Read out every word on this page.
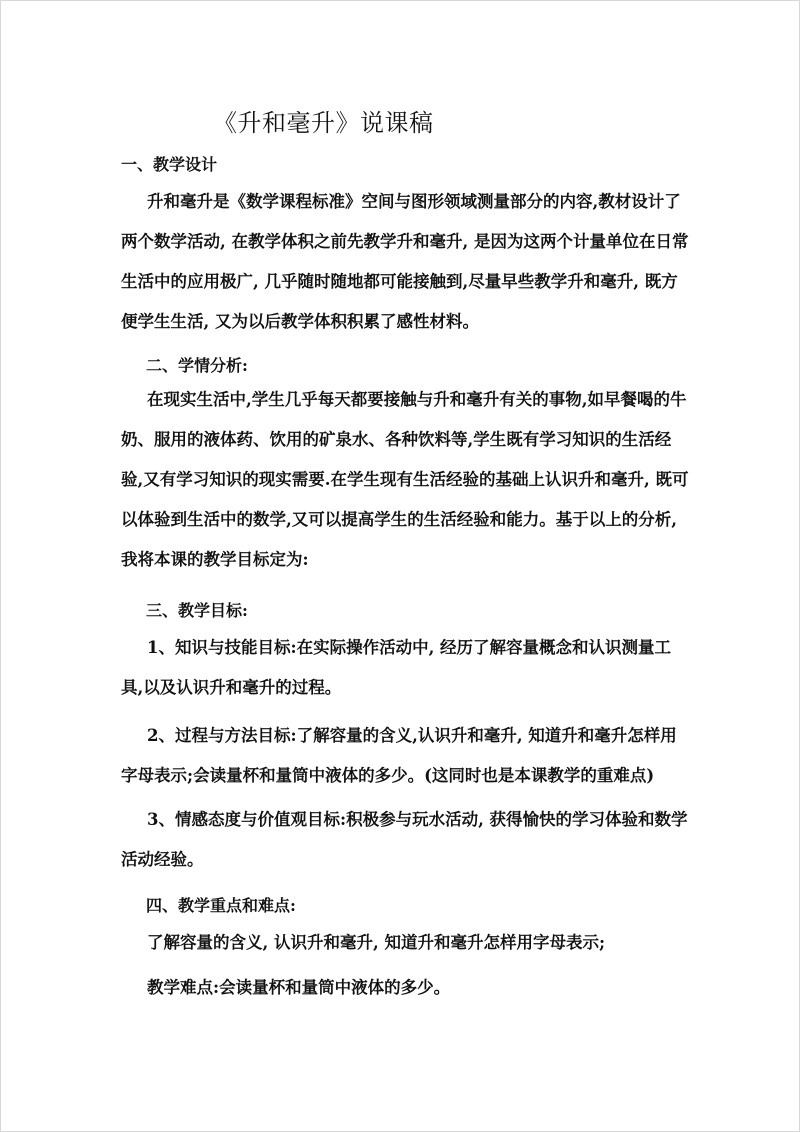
《升和毫升》说课稿
一、教学设计

升和毫升是《数学课程标准》空间与图形领域测量部分的内容,教材设计了两个数学活动, 在教学体积之前先教学升和毫升, 是因为这两个计量单位在日常生活中的应用极广, 几乎随时随地都可能接触到,尽量早些教学升和毫升, 既方便学生生活, 又为以后教学体积积累了感性材料。

二、学情分析:

在现实生活中,学生几乎每天都要接触与升和毫升有关的事物,如早餐喝的牛奶、服用的液体药、饮用的矿泉水、各种饮料等,学生既有学习知识的生活经验,又有学习知识的现实需要.在学生现有生活经验的基础上认识升和毫升, 既可以体验到生活中的数学,又可以提高学生的生活经验和能力。基于以上的分析,我将本课的教学目标定为:

三、教学目标:

1、知识与技能目标:在实际操作活动中, 经历了解容量概念和认识测量工具,以及认识升和毫升的过程。

2、过程与方法目标:了解容量的含义,认识升和毫升, 知道升和毫升怎样用字母表示;会读量杯和量筒中液体的多少。(这同时也是本课教学的重难点)

3、情感态度与价值观目标:积极参与玩水活动, 获得愉快的学习体验和数学活动经验。

四、教学重点和难点:

了解容量的含义, 认识升和毫升, 知道升和毫升怎样用字母表示;

教学难点:会读量杯和量筒中液体的多少。
